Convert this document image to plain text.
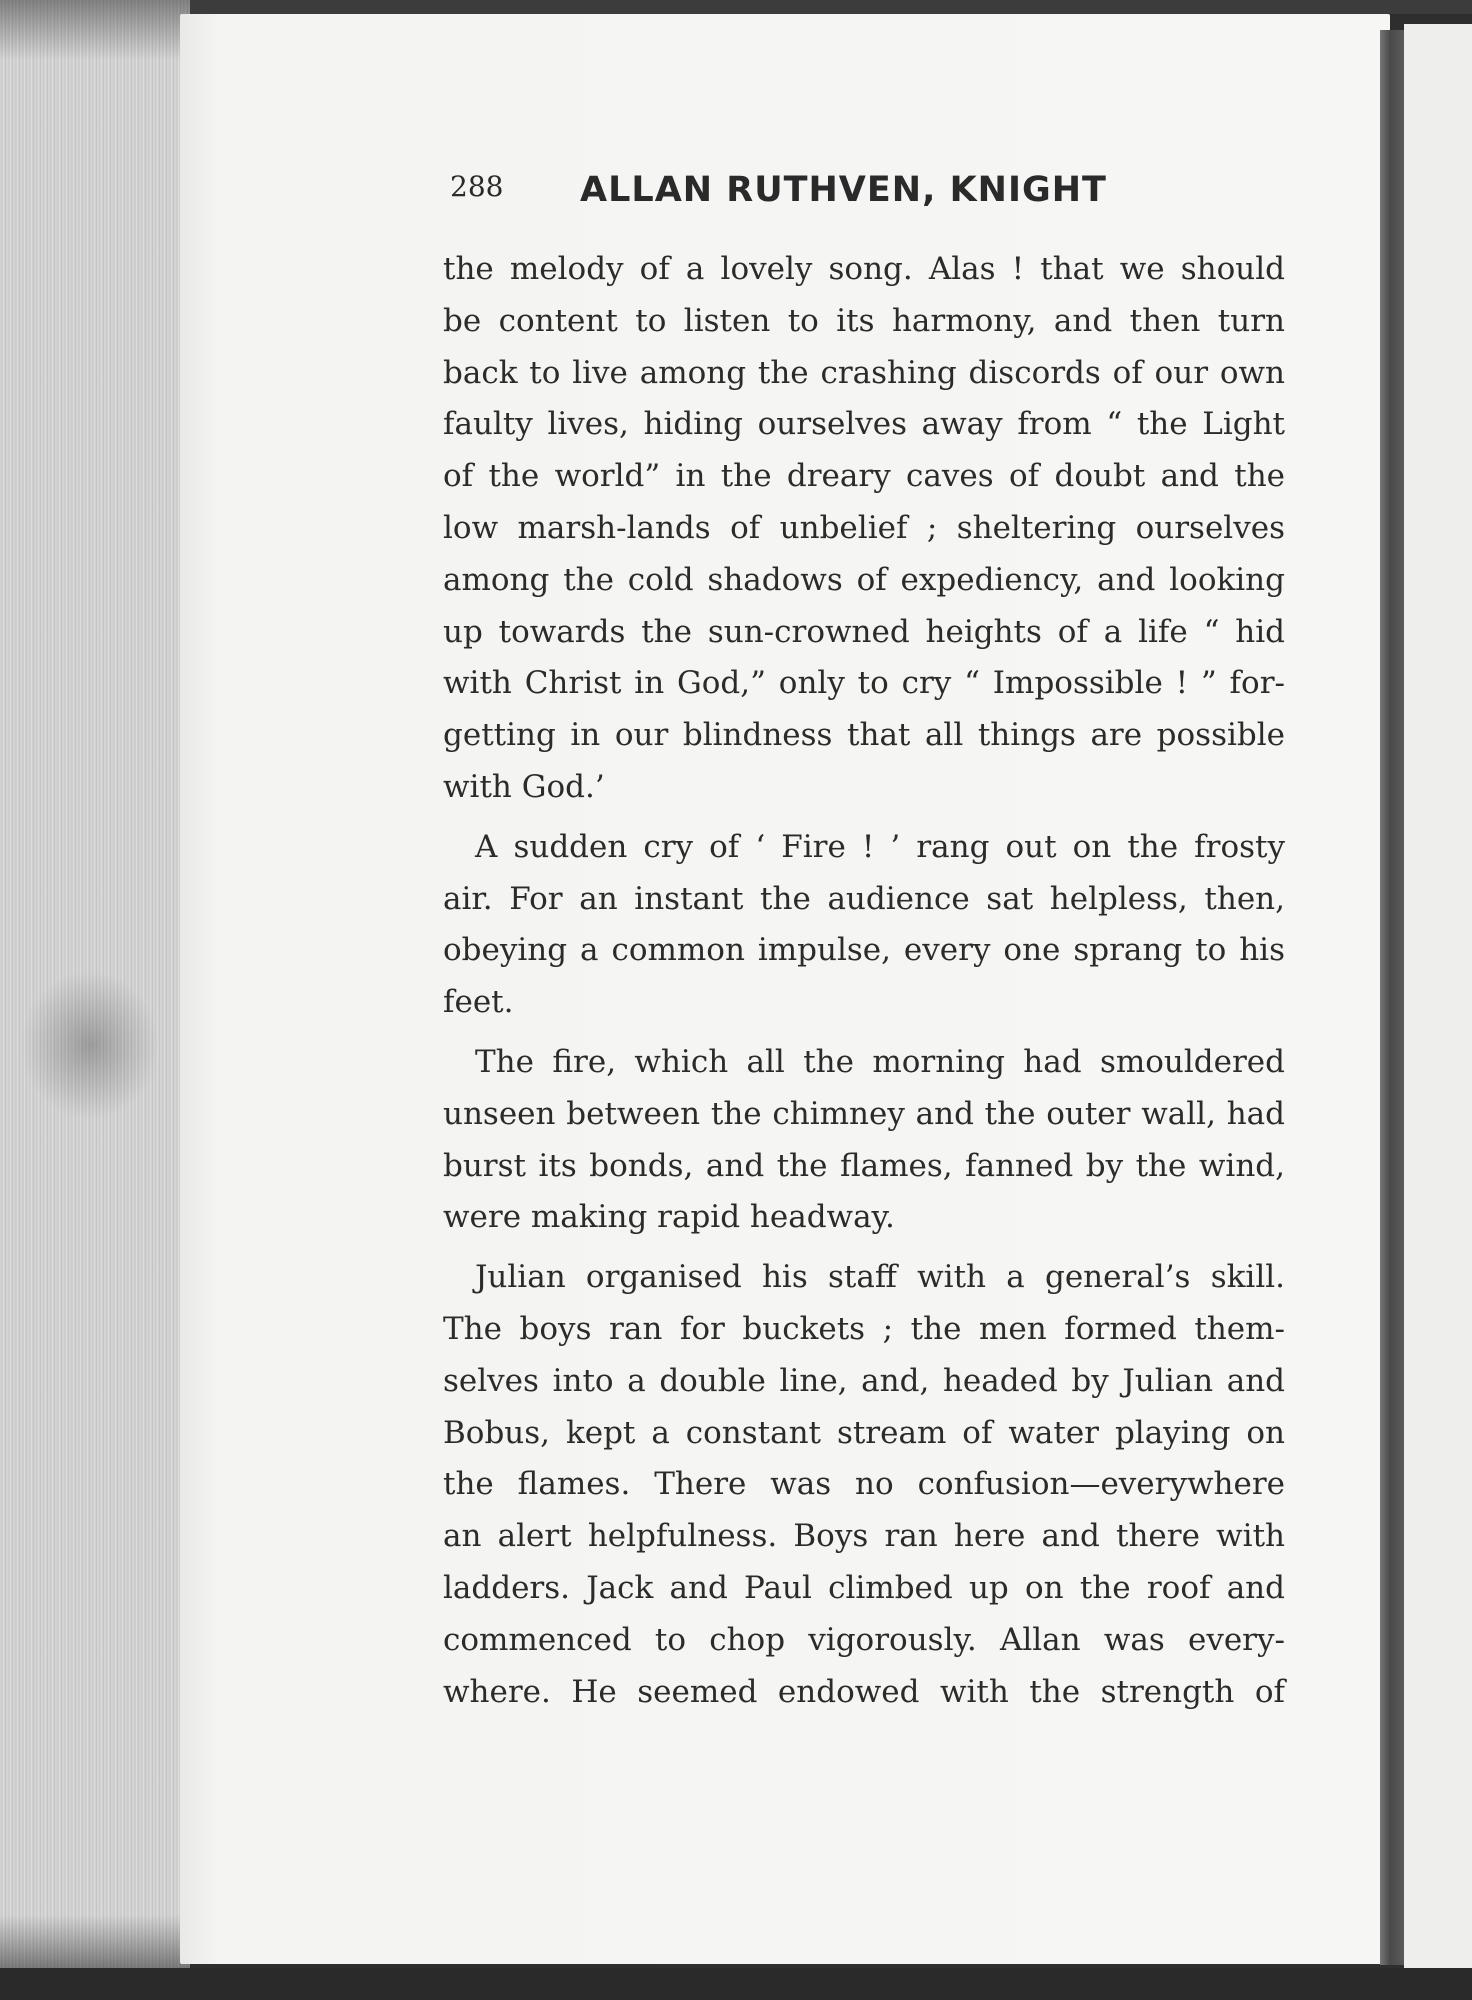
288 ALLAN RUTHVEN, KNIGHT
the melody of a lovely song. Alas ! that we should
be content to listen to its harmony, and then turn
back to live among the crashing discords of our own
faulty lives, hiding ourselves away from “ the Light
of the world” in the dreary caves of doubt and the
low marsh-lands of unbelief ; sheltering ourselves
among the cold shadows of expediency, and looking
up towards the sun-crowned heights of a life “ hid
with Christ in God,” only to cry “ Impossible ! ” for-
getting in our blindness that all things are possible
with God.’
A sudden cry of ‘ Fire ! ’ rang out on the frosty
air. For an instant the audience sat helpless, then,
obeying a common impulse, every one sprang to his
feet.
The fire, which all the morning had smouldered
unseen between the chimney and the outer wall, had
burst its bonds, and the flames, fanned by the wind,
were making rapid headway.
Julian organised his staff with a general’s skill.
The boys ran for buckets ; the men formed them-
selves into a double line, and, headed by Julian and
Bobus, kept a constant stream of water playing on
the flames. There was no confusion—everywhere
an alert helpfulness. Boys ran here and there with
ladders. Jack and Paul climbed up on the roof and
commenced to chop vigorously. Allan was every-
where. He seemed endowed with the strength of
